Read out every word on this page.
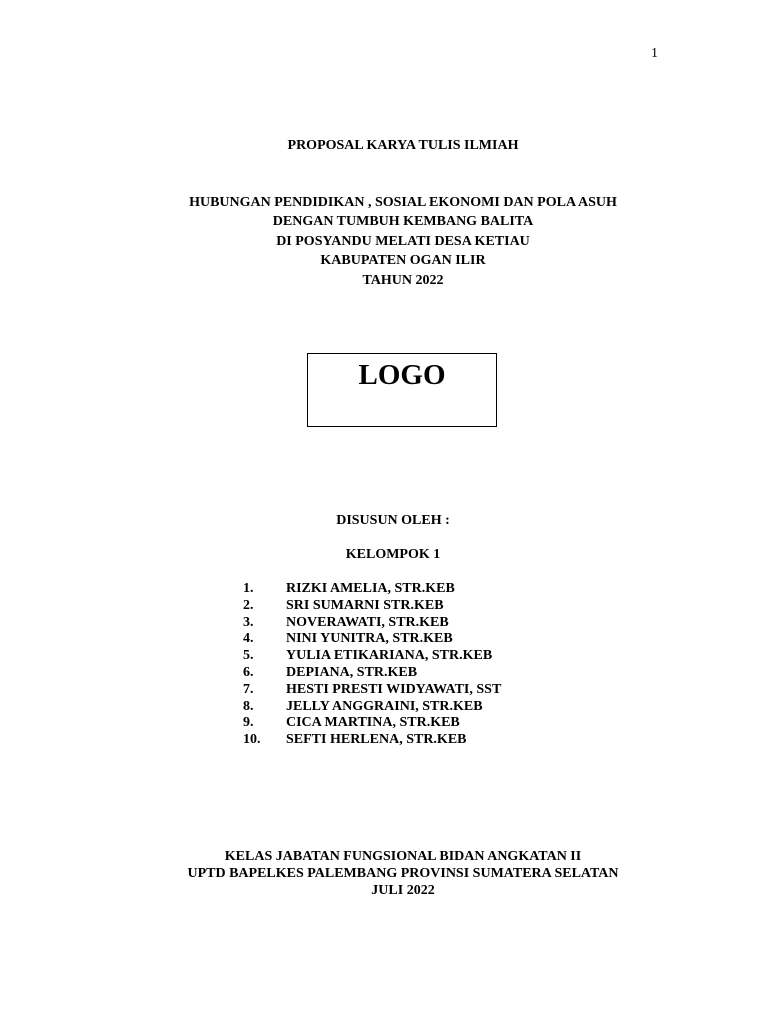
1
PROPOSAL KARYA TULIS ILMIAH
HUBUNGAN PENDIDIKAN , SOSIAL EKONOMI DAN POLA ASUH
DENGAN TUMBUH KEMBANG BALITA
DI POSYANDU MELATI DESA KETIAU
KABUPATEN OGAN ILIR
TAHUN 2022
LOGO
DISUSUN OLEH :
KELOMPOK 1
1. RIZKI AMELIA, STR.KEB
2. SRI SUMARNI STR.KEB
3. NOVERAWATI, STR.KEB
4. NINI YUNITRA, STR.KEB
5. YULIA ETIKARIANA, STR.KEB
6. DEPIANA, STR.KEB
7. HESTI PRESTI WIDYAWATI, SST
8. JELLY ANGGRAINI, STR.KEB
9. CICA MARTINA, STR.KEB
10. SEFTI HERLENA, STR.KEB
KELAS JABATAN FUNGSIONAL BIDAN ANGKATAN II
UPTD BAPELKES PALEMBANG PROVINSI SUMATERA SELATAN
JULI 2022
